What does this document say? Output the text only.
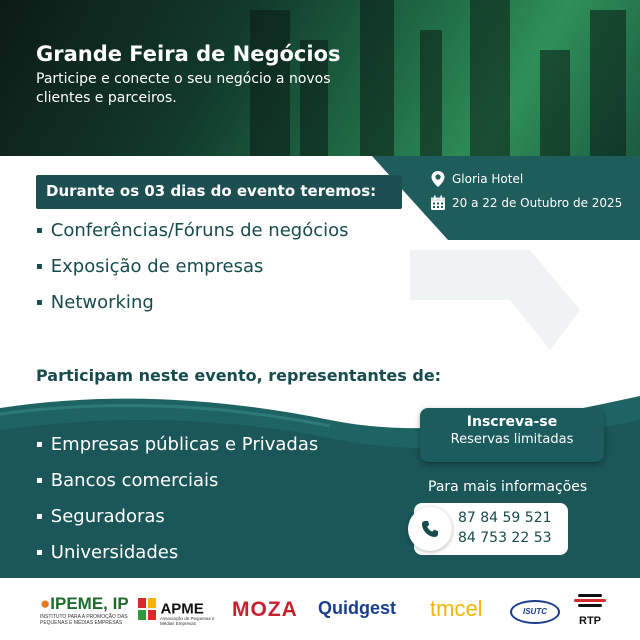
Grande Feira de Negócios

Participe e conecte o seu negócio a novos clientes e parceiros.

Durante os 03 dias do evento teremos:
Gloria Hotel
20 a 22 de Outubro de 2025
▪ Conferências/Fóruns de negócios
▪ Exposição de empresas
▪ Networking
Participam neste evento, representantes de:
▪ Empresas públicas e Privadas
▪ Bancos comerciais
▪ Seguradoras
▪ Universidades
Inscreva-se
Reservas limitadas
Para mais informações
87 84 59 521
84 753 22 53
●IPEME, IP
INSTITUTO PARA A PROMOÇÃO DAS PEQUENAS E MÉDIAS EMPRESAS
APME
Associação de Pequenas e Médias Empresas
MOZA Quidgest tmcel	ISUTC
RTP
